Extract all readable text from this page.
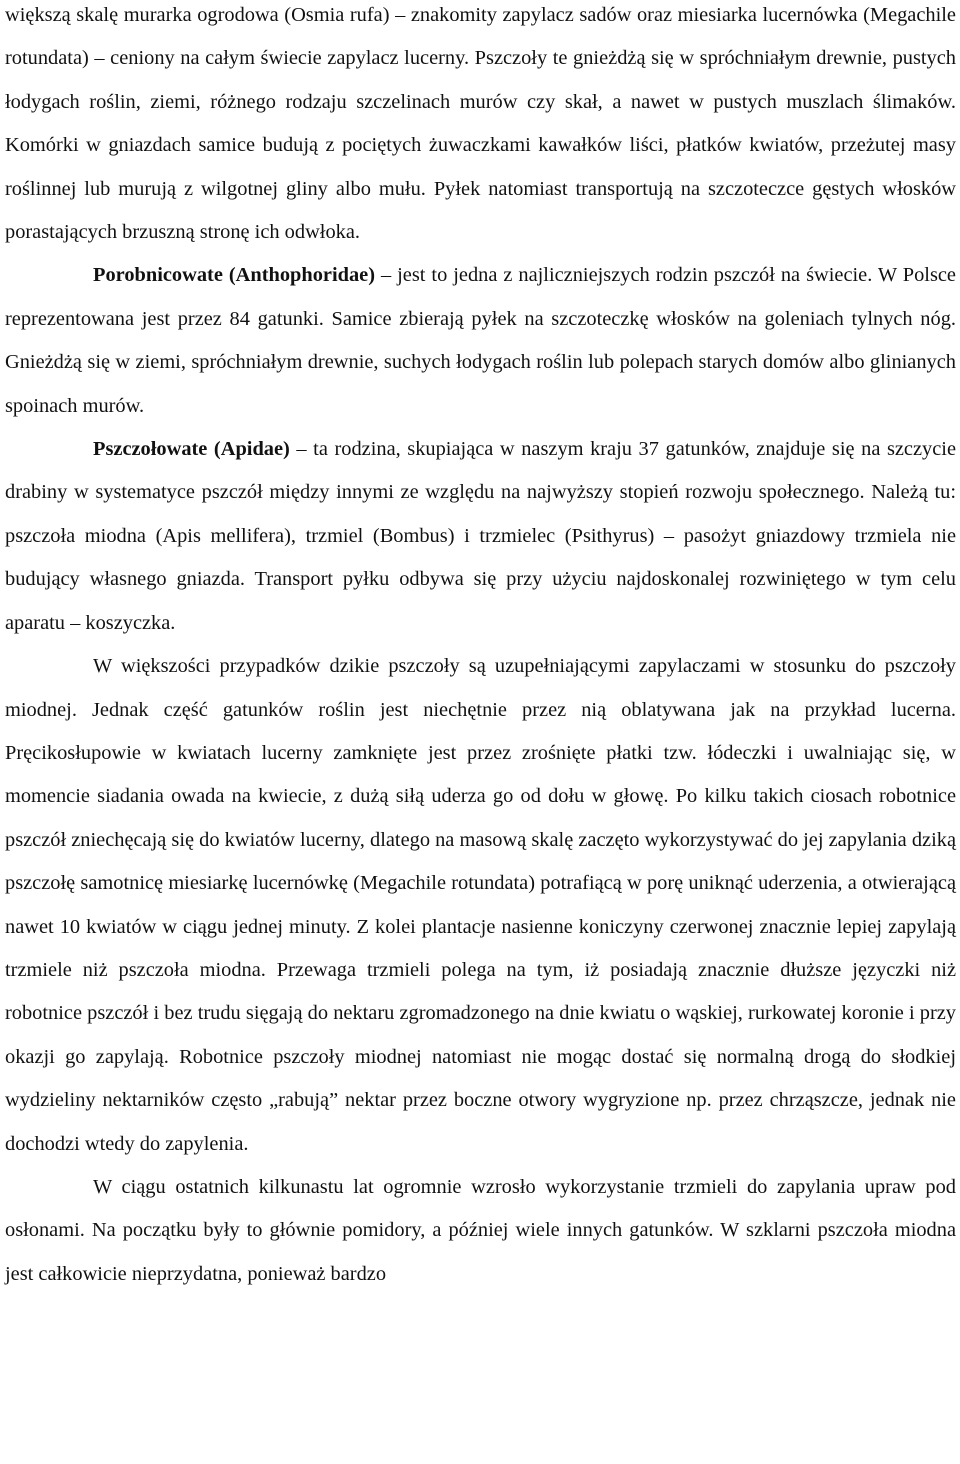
większą skalę murarka ogrodowa (Osmia rufa) – znakomity zapylacz sadów oraz miesiarka lucernówka (Megachile rotundata) – ceniony na całym świecie zapylacz lucerny. Pszczoły te gnieżdżą się w spróchniałym drewnie, pustych łodygach roślin, ziemi, różnego rodzaju szczelinach murów czy skał, a nawet w pustych muszlach ślimaków. Komórki w gniazdach samice budują z pociętych żuwaczkami kawałków liści, płatków kwiatów, przeżutej masy roślinnej lub murują z wilgotnej gliny albo mułu. Pyłek natomiast transportują na szczoteczce gęstych włosków porastających brzuszną stronę ich odwłoka.

Porobnicowate (Anthophoridae) – jest to jedna z najliczniejszych rodzin pszczół na świecie. W Polsce reprezentowana jest przez 84 gatunki. Samice zbierają pyłek na szczoteczkę włosków na goleniach tylnych nóg. Gnieżdżą się w ziemi, spróchniałym drewnie, suchych łodygach roślin lub polepach starych domów albo glinianych spoinach murów.

Pszczołowate (Apidae) – ta rodzina, skupiająca w naszym kraju 37 gatunków, znajduje się na szczycie drabiny w systematyce pszczół między innymi ze względu na najwyższy stopień rozwoju społecznego. Należą tu: pszczoła miodna (Apis mellifera), trzmiel (Bombus) i trzmielec (Psithyrus) – pasożyt gniazdowy trzmiela nie budujący własnego gniazda. Transport pyłku odbywa się przy użyciu najdoskonalej rozwiniętego w tym celu aparatu – koszyczka.

W większości przypadków dzikie pszczoły są uzupełniającymi zapylaczami w stosunku do pszczoły miodnej. Jednak część gatunków roślin jest niechętnie przez nią oblatywana jak na przykład lucerna. Pręcikosłupowie w kwiatach lucerny zamknięte jest przez zrośnięte płatki tzw. łódeczki i uwalniając się, w momencie siadania owada na kwiecie, z dużą siłą uderza go od dołu w głowę. Po kilku takich ciosach robotnice pszczół zniechęcają się do kwiatów lucerny, dlatego na masową skalę zaczęto wykorzystywać do jej zapylania dziką pszczołę samotnicę miesiarkę lucernówkę (Megachile rotundata) potrafiącą w porę uniknąć uderzenia, a otwierającą nawet 10 kwiatów w ciągu jednej minuty. Z kolei plantacje nasienne koniczyny czerwonej znacznie lepiej zapylają trzmiele niż pszczoła miodna. Przewaga trzmieli polega na tym, iż posiadają znacznie dłuższe języczki niż robotnice pszczół i bez trudu sięgają do nektaru zgromadzonego na dnie kwiatu o wąskiej, rurkowatej koronie i przy okazji go zapylają. Robotnice pszczoły miodnej natomiast nie mogąc dostać się normalną drogą do słodkiej wydzieliny nektarników często „rabują” nektar przez boczne otwory wygryzione np. przez chrząszcze, jednak nie dochodzi wtedy do zapylenia.

W ciągu ostatnich kilkunastu lat ogromnie wzrosło wykorzystanie trzmieli do zapylania upraw pod osłonami. Na początku były to głównie pomidory, a później wiele innych gatunków. W szklarni pszczoła miodna jest całkowicie nieprzydatna, ponieważ bardzo
